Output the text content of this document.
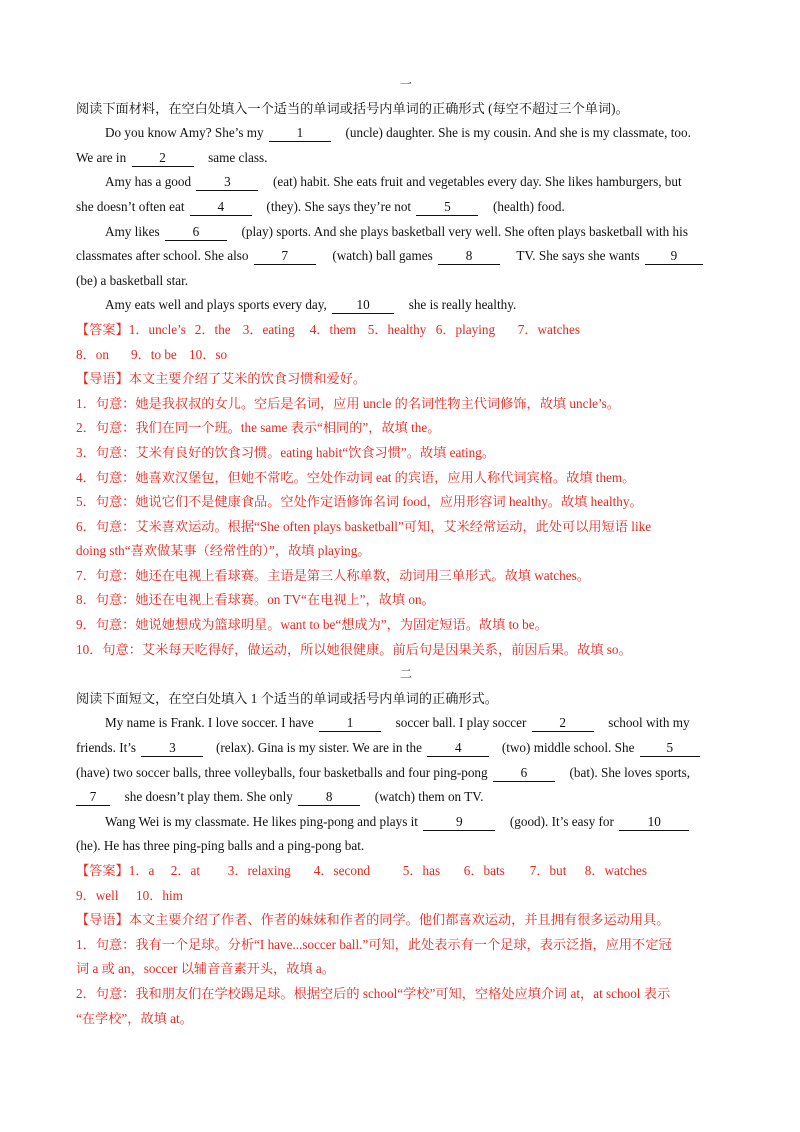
一
阅读下面材料，在空白处填入一个适当的单词或括号内单词的正确形式 (每空不超过三个单词)。
Do you know Amy? She’s my	1	(uncle) daughter. She is my cousin. And she is my classmate, too.
We are in	2	same class.
Amy has a good	3	(eat) habit. She eats fruit and vegetables every day. She likes hamburgers, but
she doesn’t often eat	4	(they). She says they’re not	5	(health) food.
Amy likes	6	(play) sports. And she plays basketball very well. She often plays basketball with his
classmates after school. She also	7	(watch) ball games	8	TV. She says she wants 9
(be) a basketball star.
Amy eats well and plays sports every day, 10	she is really healthy.
【答案】1．uncle’s 2．the 3．eating 4．them 5．healthy 6．playing 7．watches
8．on 9．to be 10．so
【导语】本文主要介绍了艾米的饮食习惯和爱好。
1．句意：她是我叔叔的女儿。空后是名词，应用 uncle 的名词性物主代词修饰，故填 uncle’s。
2．句意：我们在同一个班。the same 表示“相同的”，故填 the。
3．句意：艾米有良好的饮食习惯。eating habit“饮食习惯”。故填 eating。
4．句意：她喜欢汉堡包，但她不常吃。空处作动词 eat 的宾语，应用人称代词宾格。故填 them。
5．句意：她说它们不是健康食品。空处作定语修饰名词 food，应用形容词 healthy。故填 healthy。
6．句意：艾米喜欢运动。根据“She often plays basketball”可知，艾米经常运动，此处可以用短语 like
doing sth“喜欢做某事（经常性的）”，故填 playing。
7．句意：她还在电视上看球赛。主语是第三人称单数，动词用三单形式。故填 watches。
8．句意：她还在电视上看球赛。on TV“在电视上”，故填 on。
9．句意：她说她想成为篮球明星。want to be“想成为”，为固定短语。故填 to be。
10．句意：艾米每天吃得好，做运动，所以她很健康。前后句是因果关系，前因后果。故填 so。
二
阅读下面短文，在空白处填入 1 个适当的单词或括号内单词的正确形式。
My name is Frank. I love soccer. I have	1	soccer ball. I play soccer	2	school with my
friends. It’s	3	(relax). Gina is my sister. We are in the	4	(two) middle school. She 5
(have) two soccer balls, three volleyballs, four basketballs and four ping-pong	6	(bat). She loves sports,
7 she doesn’t play them. She only	8	(watch) them on TV.
Wang Wei is my classmate. He likes ping-pong and plays it	9	(good). It’s easy for	10
(he). He has three ping-ping balls and a ping-pong bat.
【答案】1．a 2．at 3．relaxing 4．second 5．has 6．bats 7．but 8．watches
9．well 10．him
【导语】本文主要介绍了作者、作者的妹妹和作者的同学。他们都喜欢运动，并且拥有很多运动用具。
1．句意：我有一个足球。分析“I have...soccer ball.”可知，此处表示有一个足球，表示泛指，应用不定冠
词 a 或 an，soccer 以辅音音素开头，故填 a。
2．句意：我和朋友们在学校踢足球。根据空后的 school“学校”可知，空格处应填介词 at，at school 表示
“在学校”，故填 at。
